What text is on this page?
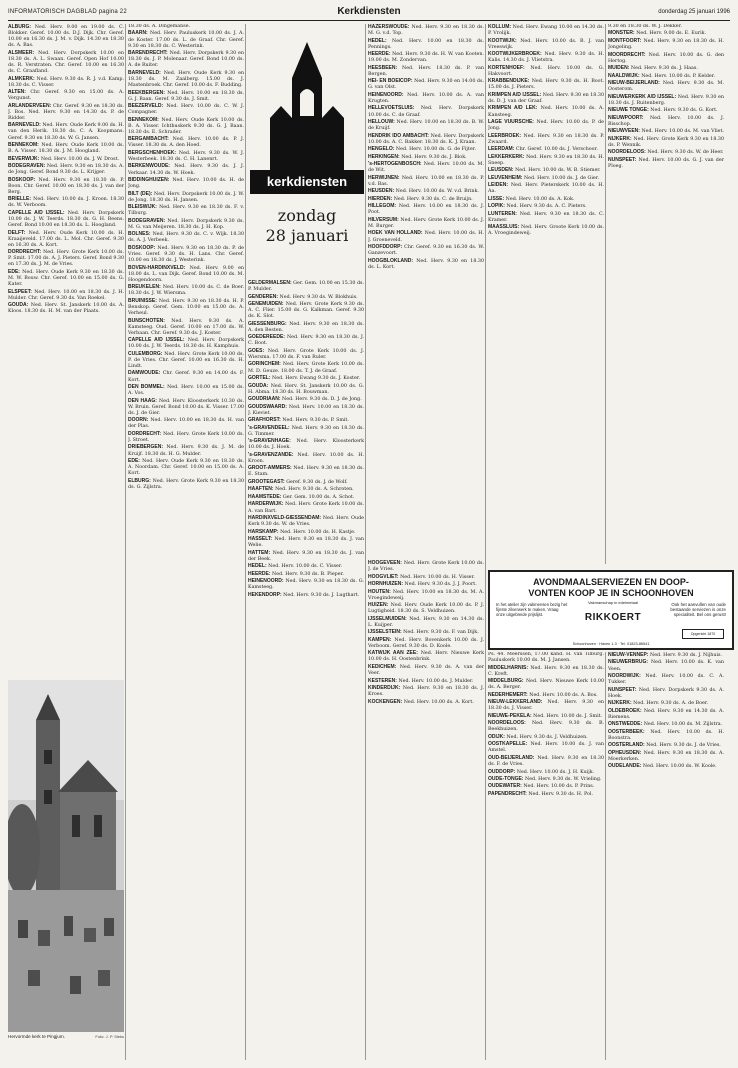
INFORMATORISCH DAGBLAD pagina 22	Kerkdiensten	donderdag 25 januari 1996

ALBURG: Ned. Herv. 9.00 en 19.00 ds. C. Blokker. Geref. 10.00 ds. D.J. Dijk. Chr. Geref. 10.00 en 16.30 ds. J. M. v. Dijk. 14.30 en 18.30 ds. A. Bas.

ALSMEER: Ned. Herv. Dorpskerk 10.00 en 18.30 ds. A. L. Swaan. Geref. Open Hof 10.00 ds. R. Verstraten. Chr. Geref. 10.00 en 16.30 ds. C. Graafland.

ALMKERK: Ned. Herv. 9.30 ds. R. J. v.d. Kamp. 18.30 ds. C. Visser.

ALTEN: Chr. Geref. 9.30 en 15.00 ds. A. Vergunst.

ARLANDERVEEN: Chr. Geref. 9.30 en 18.30 ds. J. Bos. Ned. Herv. 9.30 en 14.30 ds. P. de Ridder.

BARNEVELD: Ned. Herv. Oude Kerk 9.00 ds. H. van den Herik. 18.30 ds. C. A. Koopmans. Geref. 9.30 en 18.30 ds. W. G. Jansen.

BENNEKOM: Ned. Herv. Oude Kerk 10.00 ds. B. A. Visser. 18.30 ds. J. M. Hoogland.

BEVERWIJK: Ned. Herv. 10.00 ds. J. W. Drost.

BODEGRAVEN: Ned. Herv. 9.30 en 18.30 ds. A. de Jong. Geref. Bond 9.30 ds. L. Krijger.

BOSKOOP: Ned. Herv. 9.30 en 18.30 ds. P. Boon. Chr. Geref. 10.00 en 18.30 ds. J. van der Berg.

BRIELLE: Ned. Herv. 10.00 ds. J. Kroon. 18.30 ds. W. Verboom.

CAPELLE A/D IJSSEL: Ned. Herv. Dorpskerk 10.00 ds. J. W. Teerds. 18.30 ds. G. H. Beens. Geref. Bond 10.00 en 18.30 ds. L. Hoogland.

DELFT: Ned. Herv. Oude Kerk 10.00 ds. H. Kraaijeveld. 17.00 ds. L. Mol. Chr. Geref. 9.30 en 16.30 ds. A. Kort.

DORDRECHT: Ned. Herv. Grote Kerk 10.00 ds. P. Smit. 17.00 ds. A. J. Pieters. Geref. Bond 9.30 en 17.30 ds. J. M. de Vries.

EDE: Ned. Herv. Oude Kerk 9.30 en 18.30 ds. M. W. Bouw. Chr. Geref. 10.00 en 15.00 ds. G. Kater.

ELSPEET: Ned. Herv. 10.00 en 18.30 ds. J. H. Mulder. Chr. Geref. 9.30 ds. Van Roekel.

GOUDA: Ned. Herv. St. Janskerk 10.00 ds. A. Kloos. 18.30 ds. H. M. van der Plaats.

Hervormde kerk te Pingjum.	Foto: J. P. Sieks

18.30 ds. A. Dingemanse.

BAARN: Ned. Herv. Pauluskerk 10.00 ds. J. A. de Koster. 17.00 ds. L. de Graaf. Chr. Geref. 9.30 en 18.30 ds. C. Westerink.

BARENDRECHT: Ned. Herv. Dorpskerk 9.30 en 18.30 ds. J. P. Molenaar. Geref. Bond 10.00 ds. A. de Ruiter.

BARNEVELD: Ned. Herv. Oude Kerk 9.30 en 18.30 ds. M. Zaalberg. 15.00 ds. J. Mastenbroek. Chr. Geref. 10.00 ds. F. Budding.

BEEKBERGEN: Ned. Herv. 10.00 en 18.30 ds. G. J. Baan. Geref. 9.30 ds. J. Smit.

BEEZERVELD: Ned. Herv. 10.00 ds. C. W. J. Compagner.

BENNEKOM: Ned. Herv. Oude Kerk 10.00 ds. B. A. Visser. Ichthuskerk 9.30 ds. G. J. Baan. 18.30 ds. E. Schrader.

BERGAMBACHT: Ned. Herv. 10.00 ds. P. J. Visser. 18.30 ds. A. den Hoed.

BERGSCHENHOEK: Ned. Herv. 9.30 ds. W. J. Westerbeek. 18.30 ds. C. H. Lanenrt.

BERKENWOUDE: Ned. Herv. 9.30 ds. J. J. Verkaar. 14.30 ds. W. Hoek.

BIDDINGHUIZEN: Ned. Herv. 10.00 ds. H. de Jong.

BILT (DE): Ned. Herv. Dorpskerk 10.00 ds. J. W. de Jong. 18.30 ds. H. Jansen.

BLEISWIJK: Ned. Herv. 9.30 en 18.30 ds. F. v. Tilburg.

BODEGRAVEN: Ned. Herv. Dorpskerk 9.30 ds. M. G. van Meijeren. 18.30 ds. J. H. Kop.

BOLNES: Ned. Herv. 9.30 ds. C. v. Wijk. 18.30 ds. A. J. Verbeek.

BOSKOOP: Ned. Herv. 9.30 en 18.30 ds. P. de Vries. Geref. 9.30 ds. H. Lans. Chr. Geref. 10.00 en 18.30 ds. J. Westerink.

BOVEN-HARDINXVELD: Ned. Herv. 9.00 en 18.00 ds. L. van Dijk. Geref. Bond 10.00 ds. M. Hoogendoorn.

BREUKELEN: Ned. Herv. 10.00 ds. C. de Boer. 18.30 ds. J. W. Wiersma.

BRUINISSE: Ned. Herv. 9.30 en 18.30 ds. H. P. Benskop. Geref. Gem. 10.00 en 15.00 ds. A. Verheul.

BUNSCHOTEN: Ned. Herv. 9.30 ds. A. Kamsteeg. Oud. Geref. 10.00 en 17.00 ds. W. Verbaan. Chr. Geref. 9.30 ds. J. Koster.

CAPELLE A/D IJSSEL: Ned. Herv. Dorpskerk 10.00 ds. J. W. Teerds. 18.30 ds. H. Kamphuis.

CULEMBORG: Ned. Herv. Grote Kerk 10.00 ds. P. de Vries. Chr. Geref. 10.00 en 16.30 ds. H. Lindt.

DAMWOUDE: Chr. Geref. 9.30 en 14.00 ds. F. Kort.

DEN BOMMEL: Ned. Herv. 10.00 en 15.00 ds. A. Vos.

DEN HAAG: Ned. Herv. Kloosterkerk 10.30 ds. W. Bruin. Geref. Bond 10.00 ds. K. Visser. 17.00 ds. J. de Gier.

DOORN: Ned. Herv. 10.00 en 18.30 ds. H. van der Plas.

DORDRECHT: Ned. Herv. Grote Kerk 10.00 ds. J. Stroet.

DRIEBERGEN: Ned. Herv. 9.30 ds. J. M. de Kruijf. 18.30 ds. H. G. Mulder.

EDE: Ned. Herv. Oude Kerk 9.30 en 18.30 ds. A. Noordam. Chr. Geref. 10.00 en 15.00 ds. A. Kort.

ELBURG: Ned. Herv. Grote Kerk 9.30 en 18.30 ds. G. Zijlstra.

kerkdiensten
zondag
28 januari

GELDERMALSEN: Ger. Gem. 10.00 en 15.30 ds. P. Mulder.

GENDEREN: Ned. Herv. 9.30 ds. W. Blokhuis.

GENEMUIDEN: Ned. Herv. Grote Kerk 9.30 ds. A. C. Flier. 15.00 ds. G. Kalkman. Geref. 9.30 ds. K. Slot.

GIESSENBURG: Ned. Herv. 9.30 en 18.30 ds. A. den Besten.

GOEDEREEDE: Ned. Herv. 9.30 en 18.30 ds. J. C. Boot.

GOES: Ned. Herv. Grote Kerk 10.00 ds. J. Wiersma. 17.00 ds. F. van Ruler.

GORINCHEM: Ned. Herv. Grote Kerk 10.00 ds. M. D. Geuze. 18.00 ds. T. J. de Graaf.

GORTEL: Ned. Herv. Ewang 9.30 ds. J. Koster.

GOUDA: Ned. Herv. St. Janskerk 10.00 ds. G. H. Abma. 18.30 ds. H. Bouwman.

GOUDRIAAN: Ned. Herv. 9.30 ds. D. J. de Jong.

GOUDSWAARD: Ned. Herv. 10.00 en 18.30 ds. J. Kieviet.

GRAFHORST: Ned. Herv. 9.30 ds. P. Smit.

's-GRAVENDEEL: Ned. Herv. 9.30 en 18.30 ds. G. Timmer.

's-GRAVENHAGE: Ned. Herv. Kloosterkerk 10.00 ds. J. Hoek.

's-GRAVENZANDE: Ned. Herv. 10.00 ds. H. Kroon.

GROOT-AMMERS: Ned. Herv. 9.30 en 18.30 ds. E. Stam.

GROOTEGAST: Geref. 9.30 ds. J. de Wolf.

HAAFTEN: Ned. Herv. 9.30 ds. A. Schroten.

HAAMSTEDE: Ger. Gem. 10.00 ds. A. Schot.

HARDERWIJK: Ned. Herv. Grote Kerk 10.00 ds. A. van Bart.

HARDINXVELD-GIESSENDAM: Ned. Herv. Oude Kerk 9.30 ds. W. de Vries.

HARSKAMP: Ned. Herv. 10.00 ds. H. Kastje.

HASSELT: Ned. Herv. 9.30 en 18.30 ds. J. van Welie.

HATTEM: Ned. Herv. 9.30 en 18.30 ds. J. van der Beek.

HEDEL: Ned. Herv. 10.00 ds. C. Visser.

HEERDE: Ned. Herv. 9.30 ds. B. Pieper.

HEINENOORD: Ned. Herv. 9.30 en 18.30 ds. G. Kamsteeg.

HEKENDORP: Ned. Herv. 9.30 ds. J. Lugthart.

HAZERSWOUDE: Ned. Herv. 9.30 en 18.30 ds. M. G. v.d. Top.

HEDEL: Ned. Herv. 10.00 en 18.30 ds. Pennings.

HEERDE: Ned. Herv. 9.30 ds. H. W. van Kooten. 19.00 ds. M. Zondervan.

HEESBEEN: Ned. Herv. 18.30 ds. P. van Bergen.

HEI- EN BOEICOP: Ned. Herv. 9.30 en 14.00 ds. G. van Olst.

HEINENOORD: Ned. Herv. 10.00 ds. A. van Krugten.

HELLEVOETSLUIS: Ned. Herv. Dorpskerk 10.00 ds. C. de Graaf.

HELLOUW: Ned. Herv. 10.00 en 18.30 ds. B. W. de Kruijf.

HENDRIK IDO AMBACHT: Ned. Herv. Dorpskerk 10.00 ds. A. C. Bakker. 18.30 ds. K. J. Kraan.

HENGELO: Ned. Herv. 10.00 ds. G. de Fijter.

HERKINGEN: Ned. Herv. 9.30 ds. J. Blok.

's-HERTOGENBOSCH: Ned. Herv. 10.00 ds. M. de Wit.

HERWIJNEN: Ned. Herv. 10.00 en 18.30 ds. P. v.d. Bas.

HEUSDEN: Ned. Herv. 10.00 ds. W. v.d. Brink.

HIERDEN: Ned. Herv. 9.30 ds. C. de Bruijn.

HILLEGOM: Ned. Herv. 10.00 en 18.30 ds. J. Poot.

HILVERSUM: Ned. Herv. Grote Kerk 10.00 ds. J. M. Burger.

HOEK VAN HOLLAND: Ned. Herv. 10.00 ds. H. J. Groeneveld.

HOOFDDORP: Chr. Geref. 9.30 en 16.30 ds. W. Ganzevoort.

HOOGBLOKLAND: Ned. Herv. 9.30 en 18.30 ds. L. Kort.

HOOGEVEEN: Ned. Herv. Grote Kerk 10.00 ds. J. de Vries.

HOOGVLIET: Ned. Herv. 10.00 ds. H. Visser.

HORNHUIZEN: Ned. Herv. 9.30 ds. J. J. Poort.

HOUTEN: Ned. Herv. 10.00 en 18.30 ds. M. A. Vroegindeweij.

HUIZEN: Ned. Herv. Oude Kerk 10.00 ds. P. J. Lugtigheid. 18.30 ds. S. Veldhuizen.

IJSSELMUIDEN: Ned. Herv. 9.30 en 14.30 ds. L. Kuijper.

IJSSELSTEIN: Ned. Herv. 9.30 ds. F. van Dijk.

KAMPEN: Ned. Herv. Bovenkerk 10.00 ds. J. Verboom. Geref. 9.30 ds. D. Koole.

KATWIJK AAN ZEE: Ned. Herv. Nieuwe Kerk 10.00 ds. H. Oostenbrink.

KEDICHEM: Ned. Herv. 9.30 ds. A. van der Veer.

KESTEREN: Ned. Herv. 10.00 ds. J. Mulder.

KINDERDIJK: Ned. Herv. 9.30 en 18.30 ds. J. Kroes.

KOCKENGEN: Ned. Herv. 10.00 ds. A. Kort.

KOLLUM: Ned. Herv. Ewang 10.00 en 14.30 ds. P. Vrolijk.

KOOTWIJK: Ned. Herv. 10.00 ds. B. J. van Vreeswijk.

KOOTWIJKERBROEK: Ned. Herv. 9.30 ds. H. Kalis. 14.30 ds. J. Vlietstra.

KORTENHOEF: Ned. Herv. 10.00 ds. G. Hakvoort.

KRABBENDIJKE: Ned. Herv. 9.30 ds. H. Boot. 15.00 ds. J. Pieters.

KRIMPEN A/D IJSSEL: Ned. Herv. 9.30 en 18.30 ds. D. J. van der Graaf.

KRIMPEN A/D LEK: Ned. Herv. 10.00 ds. A. Kansteeg.

LAGE VUURSCHE: Ned. Herv. 10.00 ds. P. de Jong.

LEERBROEK: Ned. Herv. 9.30 en 18.30 ds. P. Zwaard.

LEERDAM: Chr. Geref. 10.00 ds. J. Verschoor.

LEKKERKERK: Ned. Herv. 9.30 en 18.30 ds. H. Sneep.

LEUSDEN: Ned. Herv. 10.00 ds. W. B. Stiemer.

LEUVENHEIM: Ned. Herv. 10.00 ds. J. de Gier.

LEIDEN: Ned. Herv. Pieterskerk 10.00 ds. H. Aa.

LISSE: Ned. Herv. 10.00 ds. A. Kok.

LOPIK: Ned. Herv. 9.30 ds. A. C. Pieters.

LUNTEREN: Ned. Herv. 9.30 en 18.30 ds. C. Kramer.

MAASSLUIS: Ned. Herv. Groote Kerk 10.00 ds. A. Vroegindeweij.

9.30 en 18.30 ds. W. J. Dekker.

MONSTER: Ned. Herv. 9.00 ds. E. Eurik.

MONTFOORT: Ned. Herv. 9.30 en 18.30 ds. H. Jongeling.

MOORDRECHT: Ned. Herv. 10.00 ds. G. den Hertog.

MUIDEN: Ned. Herv. 9.30 ds. J. Haas.

NAALDWIJK: Ned. Herv. 10.00 ds. P. Kelder.

NIEUW-BEIJERLAND: Ned. Herv. 9.30 ds. M. Oosterom.

NIEUWERKERK A/D IJSSEL: Ned. Herv. 9.30 en 18.30 ds. J. Ruitenberg.

NIEUWE TONGE: Ned. Herv. 9.30 ds. G. Kort.

NIEUWPOORT: Ned. Herv. 10.00 ds. J. Bisschop.

NIEUWVEEN: Ned. Herv. 10.00 ds. M. van Vliet.

NIJKERK: Ned. Herv. Grote Kerk 9.30 en 18.30 ds. P. Wennik.

NOORDELOOS: Ned. Herv. 9.30 ds. W. de Heer.

NUNSPEET: Ned. Herv. 10.00 ds. G. J. van der Ploeg.

AVONDMAALSERVIEZEN EN DOOP-
VONTEN KOOP JE IN SCHOONHOVEN
In het atelier zijn vakmensen bezig het fijnste zilverwerk te maken. Vraag onze uitgebreide prijslijst.
Vakmanschap in edelmetaal
RIKKOERT
Ook het aanvullen van oude bestaande serviezen is onze specialiteit. Bel ons gerust!
Opgericht 1870
Schoonhoven · Haven 1-3 · Tel. 01823-86541

Ps. 44. Meerssen, 17.00 kand. H. van Tilburg. Pauluskerk 10.00 ds. M. J. Jansen.

MIDDELHARNIS: Ned. Herv. 9.30 en 18.30 ds. C. Kreft.

MIDDELBURG: Ned. Herv. Nieuwe Kerk 10.00 ds. A. Berger.

NEDERHEMERT: Ned. Herv. 10.00 ds. A. Bos.

NIEUW-LEKKERLAND: Ned. Herv. 9.30 en 18.30 ds. J. Visser.

NIEUWE-PEKELA: Ned. Herv. 10.00 ds. J. Smit.

NOORDELOOS: Ned. Herv. 9.30 ds. B. Beekhuizen.

ODIJK: Ned. Herv. 9.30 ds. J. Veldhuizen.

OOSTKAPELLE: Ned. Herv. 10.00 ds. J. van Amstel.

OUD-BEIJERLAND: Ned. Herv. 9.30 en 18.30 ds. F. de Vries.

OUDDORP: Ned. Herv. 10.00 ds. J. H. Kuijk.

OUDE-TONGE: Ned. Herv. 9.30 ds. W. Vrieling.

OUDEWATER: Ned. Herv. 10.00 ds. P. Prins.

PAPENDRECHT: Ned. Herv. 9.30 ds. H. Pol.

NIEUW-VENNEP: Ned. Herv. 9.30 ds. J. Nijhuis.

NIEUWERBRUG: Ned. Herv. 10.00 ds. K. van Veen.

NOORDWIJK: Ned. Herv. 10.00 ds. C. A. Tukker.

NUNSPEET: Ned. Herv. Dorpskerk 9.30 ds. A. Hoek.

NIJKERK: Ned. Herv. 9.30 ds. A. de Boer.

OLDEBROEK: Ned. Herv. 9.30 en 14.30 ds. A. Riemens.

ONSTWEDDE: Ned. Herv. 10.00 ds. M. Zijlstra.

OOSTERBEEK: Ned. Herv. 10.00 ds. H. Boonstra.

OOSTERLAND: Ned. Herv. 9.30 ds. J. de Vries.

OPHEUSDEN: Ned. Herv. 9.30 en 18.30 ds. A. Moerkerken.

OUDELANDE: Ned. Herv. 10.00 ds. W. Koole.
